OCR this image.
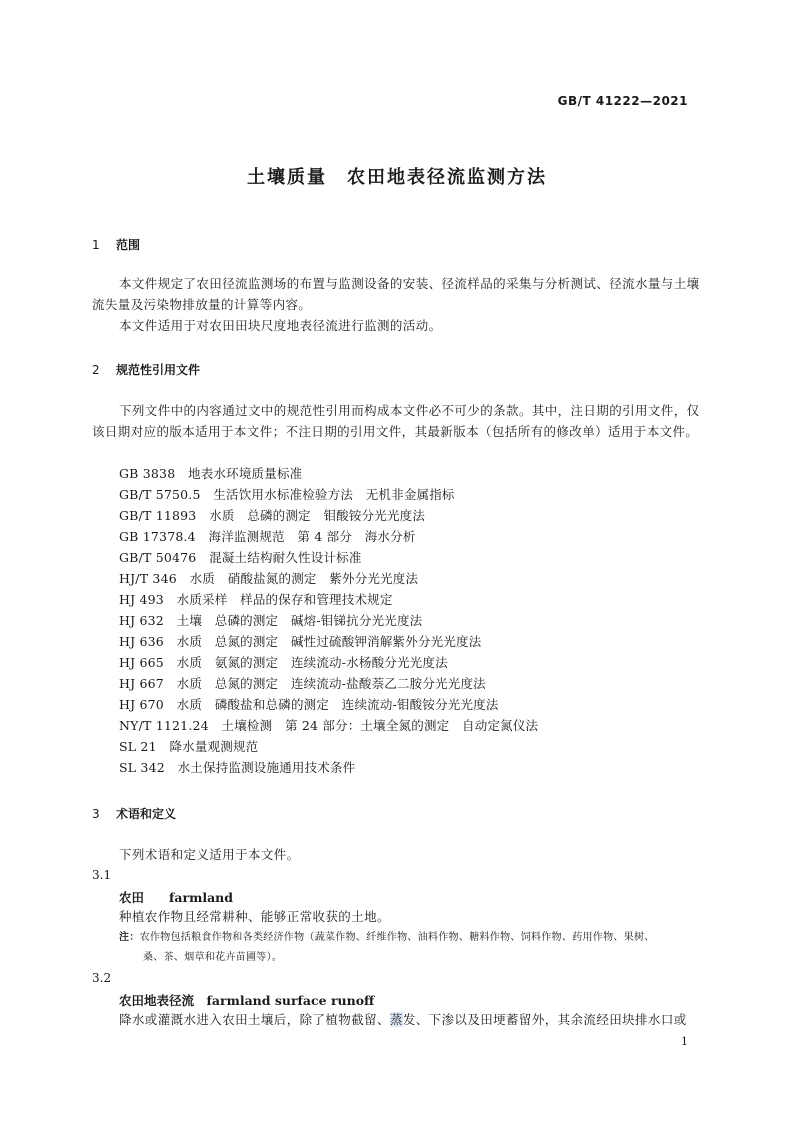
GB/T 41222—2021
土壤质量　农田地表径流监测方法
1 范围
本文件规定了农田径流监测场的布置与监测设备的安装、径流样品的采集与分析测试、径流水量与土壤流失量及污染物排放量的计算等内容。
本文件适用于对农田田块尺度地表径流进行监测的活动。
2 规范性引用文件
下列文件中的内容通过文中的规范性引用而构成本文件必不可少的条款。其中，注日期的引用文件，仅该日期对应的版本适用于本文件；不注日期的引用文件，其最新版本（包括所有的修改单）适用于本文件。
GB 3838　地表水环境质量标准
GB/T 5750.5　生活饮用水标准检验方法　无机非金属指标
GB/T 11893　水质　总磷的测定　钼酸铵分光光度法
GB 17378.4　海洋监测规范　第 4 部分　海水分析
GB/T 50476　混凝土结构耐久性设计标准
HJ/T 346　水质　硝酸盐氮的测定　紫外分光光度法
HJ 493　水质采样　样品的保存和管理技术规定
HJ 632　土壤　总磷的测定　碱熔-钼锑抗分光光度法
HJ 636　水质　总氮的测定　碱性过硫酸钾消解紫外分光光度法
HJ 665　水质　氨氮的测定　连续流动-水杨酸分光光度法
HJ 667　水质　总氮的测定　连续流动-盐酸萘乙二胺分光光度法
HJ 670　水质　磷酸盐和总磷的测定　连续流动-钼酸铵分光光度法
NY/T 1121.24　土壤检测　第 24 部分：土壤全氮的测定　自动定氮仪法
SL 21　降水量观测规范
SL 342　水土保持监测设施通用技术条件
3 术语和定义
下列术语和定义适用于本文件。
3.1
农田　　 farmland
种植农作物且经常耕种、能够正常收获的土地。
注：农作物包括粮食作物和各类经济作物（蔬菜作物、纤维作物、油料作物、糖料作物、饲料作物、药用作物、果树、
桑、茶、烟草和花卉苗圃等）。
3.2
农田地表径流　 farmland surface runoff
降水或灌溉水进入农田土壤后，除了植物截留、蒸发、下渗以及田埂蓄留外，其余流经田块排水口或
1
